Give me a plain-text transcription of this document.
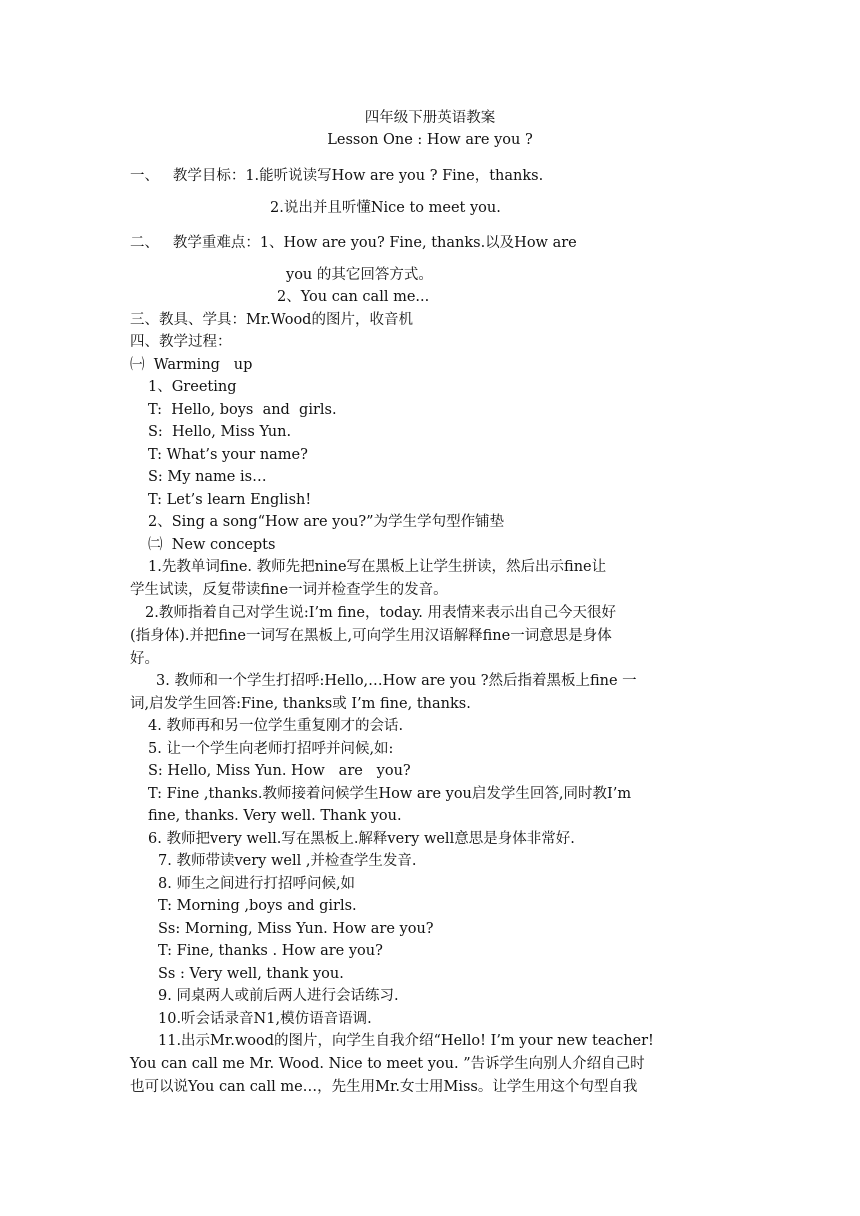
四年级下册英语教案
Lesson One : How are you ?
一、   教学目标：1.能听说读写How are you ? Fine，thanks.
2.说出并且听懂Nice to meet you.
二、   教学重难点：1、How are you? Fine, thanks.以及How are
you 的其它回答方式。
2、You can call me...
三、教具、学具：Mr.Wood的图片，收音机
四、教学过程：
㈠  Warming   up
1、Greeting
T:  Hello, boys  and  girls.
S:  Hello, Miss Yun.
T: What’s your name?
S: My name is…
T: Let’s learn English!
2、Sing a song“How are you?”为学生学句型作铺垫
㈡  New concepts
1.先教单词fine. 教师先把nine写在黑板上让学生拼读，然后出示fine让
学生试读，反复带读fine一词并检查学生的发音。
2.教师指着自己对学生说:I’m fine，today. 用表情来表示出自己今天很好
(指身体).并把fine一词写在黑板上,可向学生用汉语解释fine一词意思是身体
好。
3. 教师和一个学生打招呼:Hello,…How are you ?然后指着黑板上fine 一
词,启发学生回答:Fine, thanks或 I’m fine, thanks.
4. 教师再和另一位学生重复刚才的会话.
5. 让一个学生向老师打招呼并问候,如:
S: Hello, Miss Yun. How   are   you?
T: Fine ,thanks.教师接着问候学生How are you启发学生回答,同时教I’m
fine, thanks. Very well. Thank you.
6. 教师把very well.写在黑板上.解释very well意思是身体非常好.
7. 教师带读very well ,并检查学生发音.
8. 师生之间进行打招呼问候,如
T: Morning ,boys and girls.
Ss: Morning, Miss Yun. How are you?
T: Fine, thanks . How are you?
Ss : Very well, thank you.
9. 同桌两人或前后两人进行会话练习.
10.听会话录音N1,模仿语音语调.
11.出示Mr.wood的图片，向学生自我介绍“Hello! I’m your new teacher!
You can call me Mr. Wood. Nice to meet you. ”告诉学生向别人介绍自己时
也可以说You can call me…，先生用Mr.女士用Miss。让学生用这个句型自我
